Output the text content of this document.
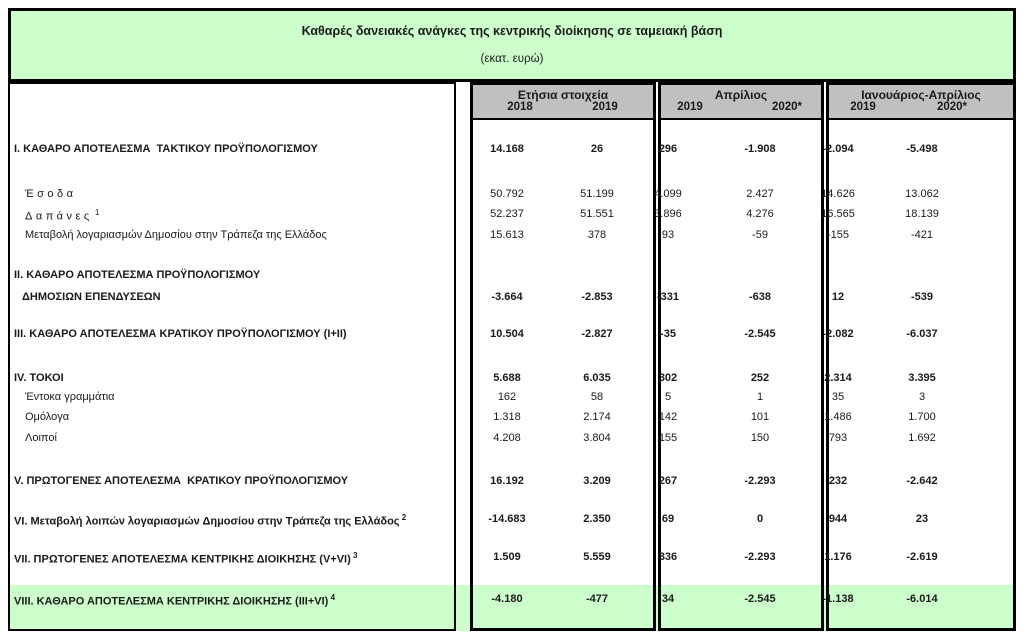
Καθαρές δανειακές ανάγκες της κεντρικής διοίκησης σε ταμειακή βάση
(εκατ. ευρώ)
Ετήσια στοιχεία	Απρίλιος	Ιανουάριος-Απρίλιος
2018	2019	2019	2020*	2019	2020*
I. ΚΑΘΑΡΟ ΑΠΟΤΕΛΕΣΜΑ  ΤΑΚΤΙΚΟΥ ΠΡΟΫΠΟΛΟΓΙΣΜΟΥ	14.168	26	296	-1.908	-2.094	-5.498
Έσοδα	50.792	51.199	4.099	2.427	14.626	13.062
Δαπάνες $^1$	52.237	51.551	3.896	4.276	16.565	18.139
Μεταβολή λογαριασμών Δημοσίου στην Τράπεζα της Ελλάδος	15.613	378	93	-59	-155	-421
II. ΚΑΘΑΡΟ ΑΠΟΤΕΛΕΣΜΑ ΠΡΟΫΠΟΛΟΓΙΣΜΟΥ
ΔΗΜΟΣΙΩΝ ΕΠΕΝΔΥΣΕΩΝ	-3.664	-2.853	-331	-638	12	-539
III. ΚΑΘΑΡΟ ΑΠΟΤΕΛΕΣΜΑ ΚΡΑΤΙΚΟΥ ΠΡΟΫΠΟΛΟΓΙΣΜΟΥ (Ι+ΙΙ)	10.504	-2.827	-35	-2.545	-2.082	-6.037
IV. ΤΟΚΟΙ	5.688	6.035	302	252	2.314	3.395
Έντοκα γραμμάτια	162	58	5	1	35	3
Ομόλογα	1.318	2.174	142	101	1.486	1.700
Λοιποί	4.208	3.804	155	150	793	1.692
V. ΠΡΩΤΟΓΕΝΕΣ ΑΠΟΤΕΛΕΣΜΑ  ΚΡΑΤΙΚΟΥ ΠΡΟΫΠΟΛΟΓΙΣΜΟΥ	16.192	3.209	267	-2.293	232	-2.642
VI. Μεταβολή λοιπών λογαριασμών Δημοσίου στην Τράπεζα της Ελλάδος $^2$	-14.683	2.350	69	0	944	23
VII. ΠΡΩΤΟΓΕΝΕΣ ΑΠΟΤΕΛΕΣΜΑ ΚΕΝΤΡΙΚΗΣ ΔΙΟΙΚΗΣΗΣ (V+VI) $^3$	1.509	5.559	336	-2.293	1.176	-2.619
VIII. ΚΑΘΑΡΟ ΑΠΟΤΕΛΕΣΜΑ ΚΕΝΤΡΙΚΗΣ ΔΙΟΙΚΗΣΗΣ (ΙΙΙ+VΙ) $^4$	-4.180	-477	34	-2.545	-1.138	-6.014
